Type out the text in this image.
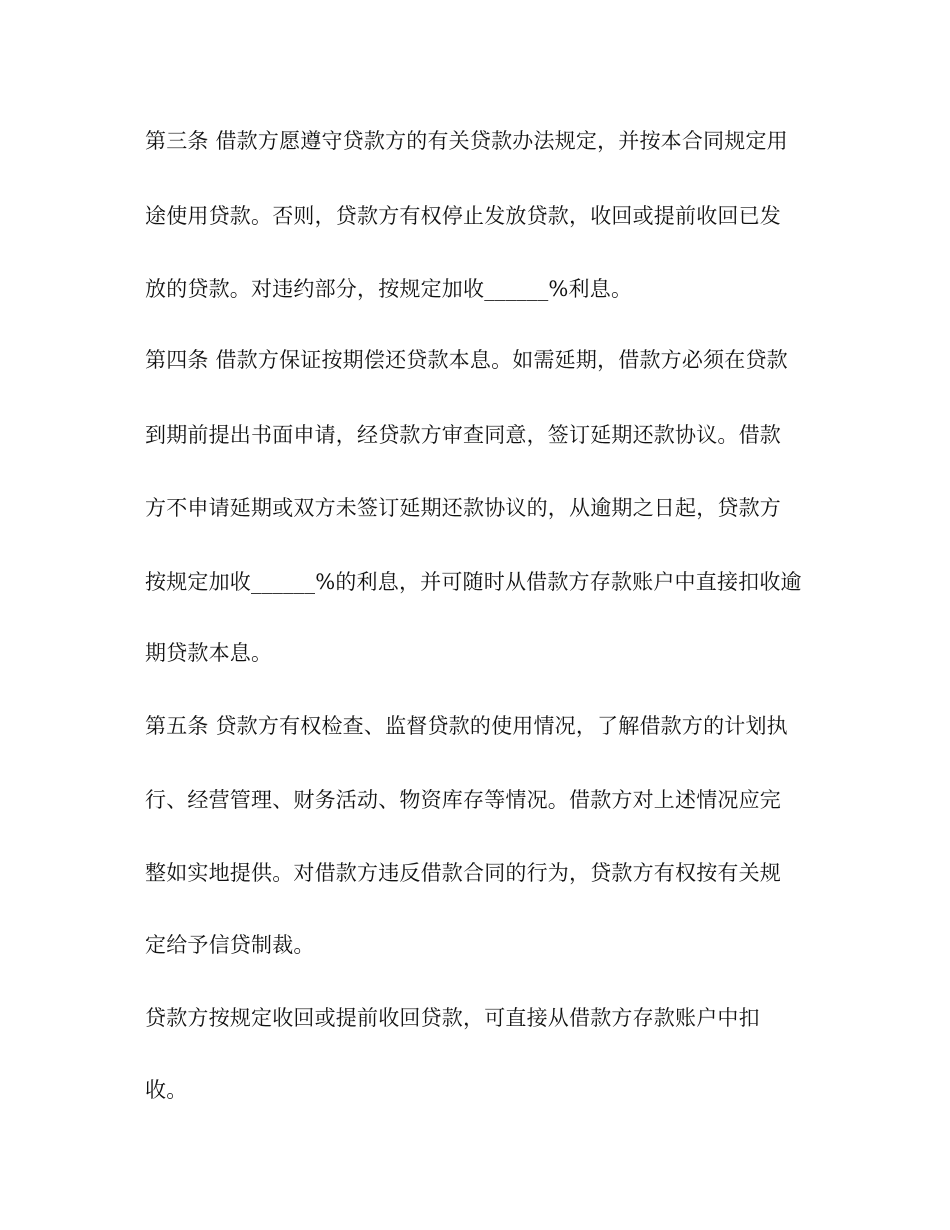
第三条 借款方愿遵守贷款方的有关贷款办法规定，并按本合同规定用
途使用贷款。否则，贷款方有权停止发放贷款，收回或提前收回已发
放的贷款。对违约部分，按规定加收______%利息。
第四条 借款方保证按期偿还贷款本息。如需延期，借款方必须在贷款
到期前提出书面申请，经贷款方审查同意，签订延期还款协议。借款
方不申请延期或双方未签订延期还款协议的，从逾期之日起，贷款方
按规定加收______%的利息，并可随时从借款方存款账户中直接扣收逾
期贷款本息。
第五条 贷款方有权检查、监督贷款的使用情况，了解借款方的计划执
行、经营管理、财务活动、物资库存等情况。借款方对上述情况应完
整如实地提供。对借款方违反借款合同的行为，贷款方有权按有关规
定给予信贷制裁。
贷款方按规定收回或提前收回贷款，可直接从借款方存款账户中扣
收。
